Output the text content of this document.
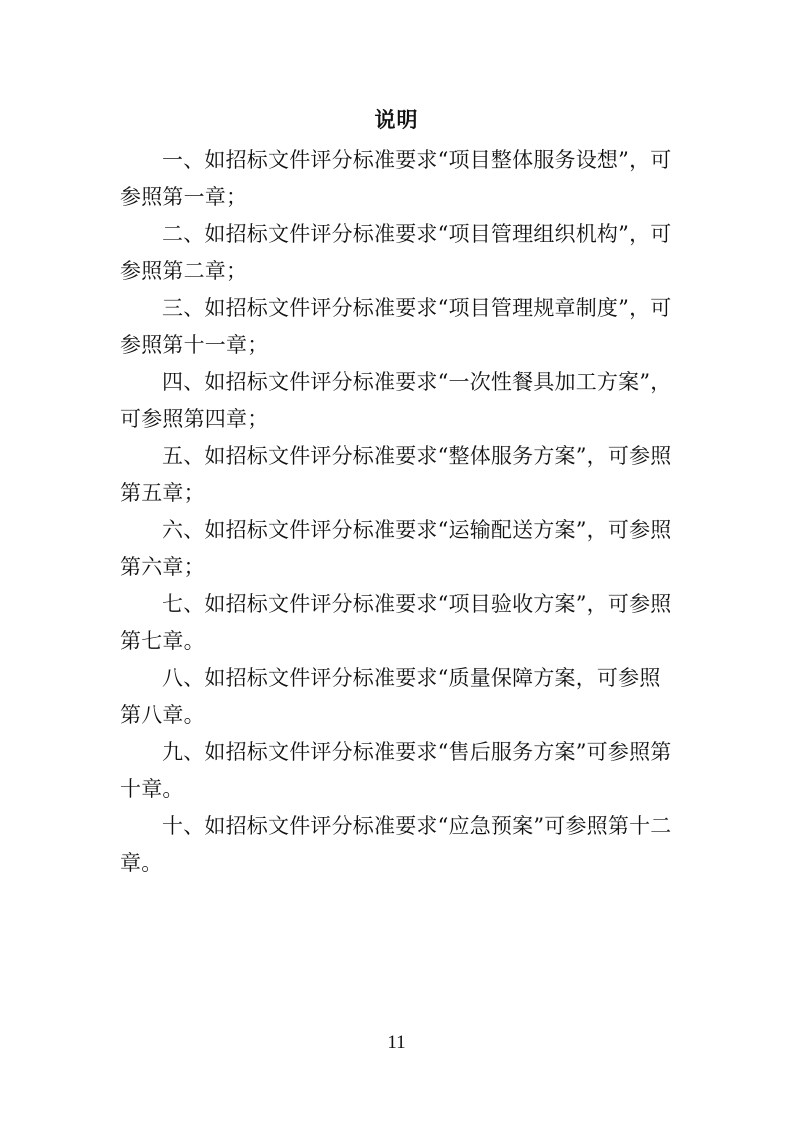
说明

一、如招标文件评分标准要求“项目整体服务设想”，可参照第一章；

二、如招标文件评分标准要求“项目管理组织机构”，可参照第二章；

三、如招标文件评分标准要求“项目管理规章制度”，可参照第十一章；

四、如招标文件评分标准要求“一次性餐具加工方案”，可参照第四章；

五、如招标文件评分标准要求“整体服务方案”，可参照第五章；

六、如招标文件评分标准要求“运输配送方案”，可参照第六章；

七、如招标文件评分标准要求“项目验收方案”，可参照第七章。

八、如招标文件评分标准要求“质量保障方案，可参照第八章。

九、如招标文件评分标准要求“售后服务方案”可参照第十章。

十、如招标文件评分标准要求“应急预案”可参照第十二章。

11
